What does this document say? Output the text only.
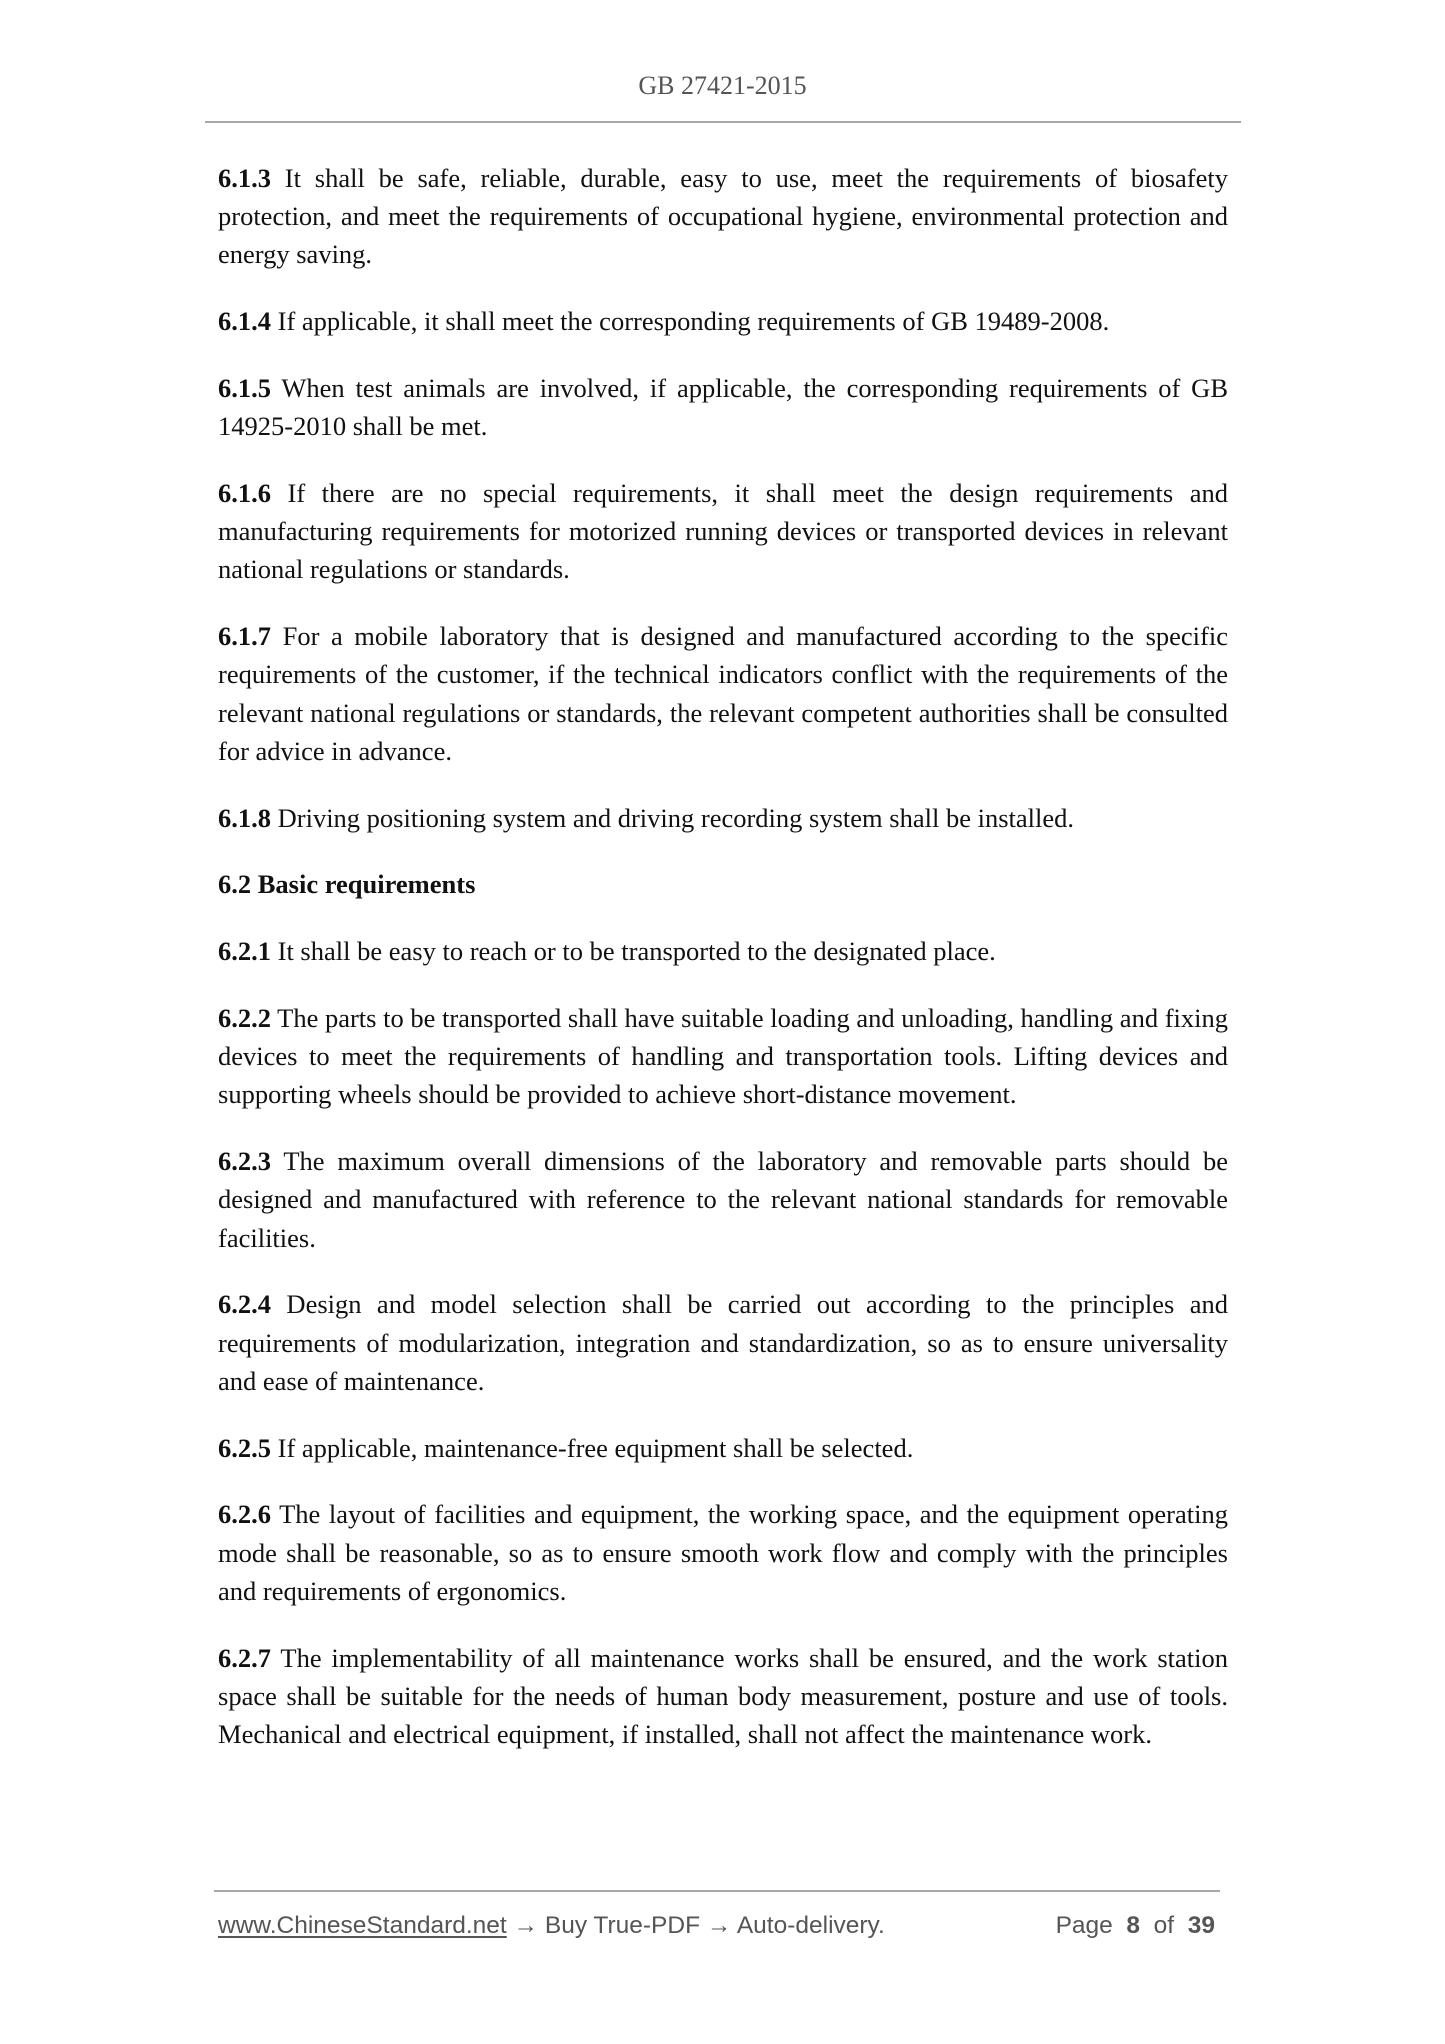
GB 27421-2015

6.1.3 It shall be safe, reliable, durable, easy to use, meet the requirements of biosafety protection, and meet the requirements of occupational hygiene, environmental protection and energy saving.

6.1.4 If applicable, it shall meet the corresponding requirements of GB 19489-2008.

6.1.5 When test animals are involved, if applicable, the corresponding requirements of GB 14925-2010 shall be met.

6.1.6 If there are no special requirements, it shall meet the design requirements and manufacturing requirements for motorized running devices or transported devices in relevant national regulations or standards.

6.1.7 For a mobile laboratory that is designed and manufactured according to the specific requirements of the customer, if the technical indicators conflict with the requirements of the relevant national regulations or standards, the relevant competent authorities shall be consulted for advice in advance.

6.1.8 Driving positioning system and driving recording system shall be installed.

6.2 Basic requirements

6.2.1 It shall be easy to reach or to be transported to the designated place.

6.2.2 The parts to be transported shall have suitable loading and unloading, handling and fixing devices to meet the requirements of handling and transportation tools. Lifting devices and supporting wheels should be provided to achieve short-distance movement.

6.2.3 The maximum overall dimensions of the laboratory and removable parts should be designed and manufactured with reference to the relevant national standards for removable facilities.

6.2.4 Design and model selection shall be carried out according to the principles and requirements of modularization, integration and standardization, so as to ensure universality and ease of maintenance.

6.2.5 If applicable, maintenance-free equipment shall be selected.

6.2.6 The layout of facilities and equipment, the working space, and the equipment operating mode shall be reasonable, so as to ensure smooth work flow and comply with the principles and requirements of ergonomics.

6.2.7 The implementability of all maintenance works shall be ensured, and the work station space shall be suitable for the needs of human body measurement, posture and use of tools. Mechanical and electrical equipment, if installed, shall not affect the maintenance work.

www.ChineseStandard.net → Buy True-PDF → Auto-delivery.	Page 8 of 39
